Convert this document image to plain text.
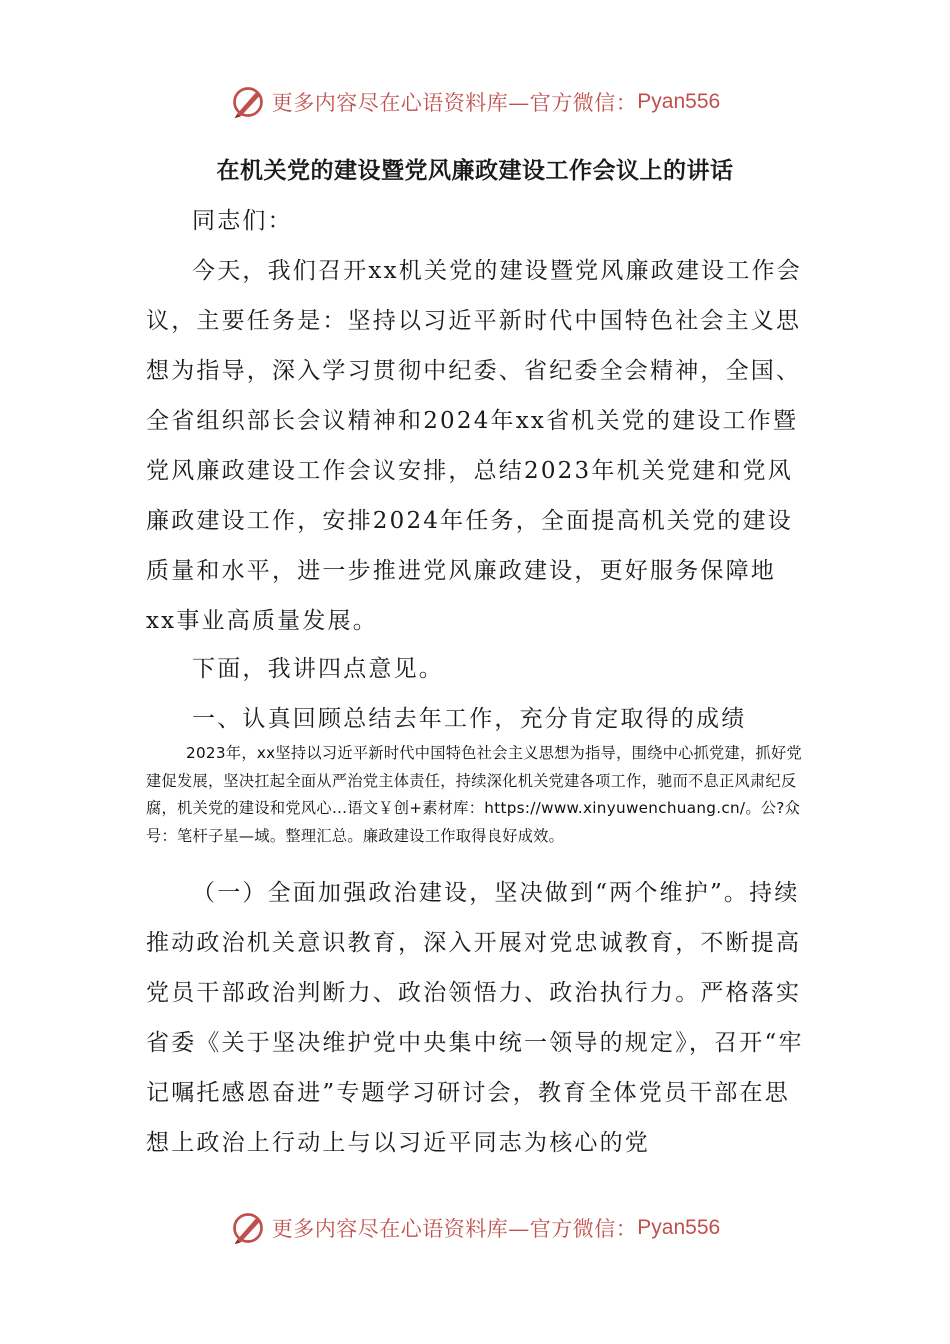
更多内容尽在心语资料库—官方微信： Pyan556
在机关党的建设暨党风廉政建设工作会议上的讲话

同志们：

今天，我们召开xx机关党的建设暨党风廉政建设工作会议，主要任务是：坚持以习近平新时代中国特色社会主义思想为指导，深入学习贯彻中纪委、省纪委全会精神，全国、全省组织部长会议精神和2024年xx省机关党的建设工作暨党风廉政建设工作会议安排，总结2023年机关党建和党风廉政建设工作，安排2024年任务，全面提高机关党的建设质量和水平，进一步推进党风廉政建设，更好服务保障地xx事业高质量发展。

下面，我讲四点意见。

一、认真回顾总结去年工作，充分肯定取得的成绩

2023年，xx坚持以习近平新时代中国特色社会主义思想为指导，围绕中心抓党建，抓好党建促发展，坚决扛起全面从严治党主体责任，持续深化机关党建各项工作，驰而不息正风肃纪反腐，机关党的建设和党风心…语文￥创+素材库：https://www.xinyuwenchuang.cn/。公?众号：笔杆子星—域。整理汇总。廉政建设工作取得良好成效。

（一）全面加强政治建设，坚决做到“两个维护”。持续推动政治机关意识教育，深入开展对党忠诚教育，不断提高党员干部政治判断力、政治领悟力、政治执行力。严格落实省委《关于坚决维护党中央集中统一领导的规定》，召开“牢记嘱托感恩奋进”专题学习研讨会，教育全体党员干部在思想上政治上行动上与以习近平同志为核心的党

更多内容尽在心语资料库—官方微信： Pyan556
